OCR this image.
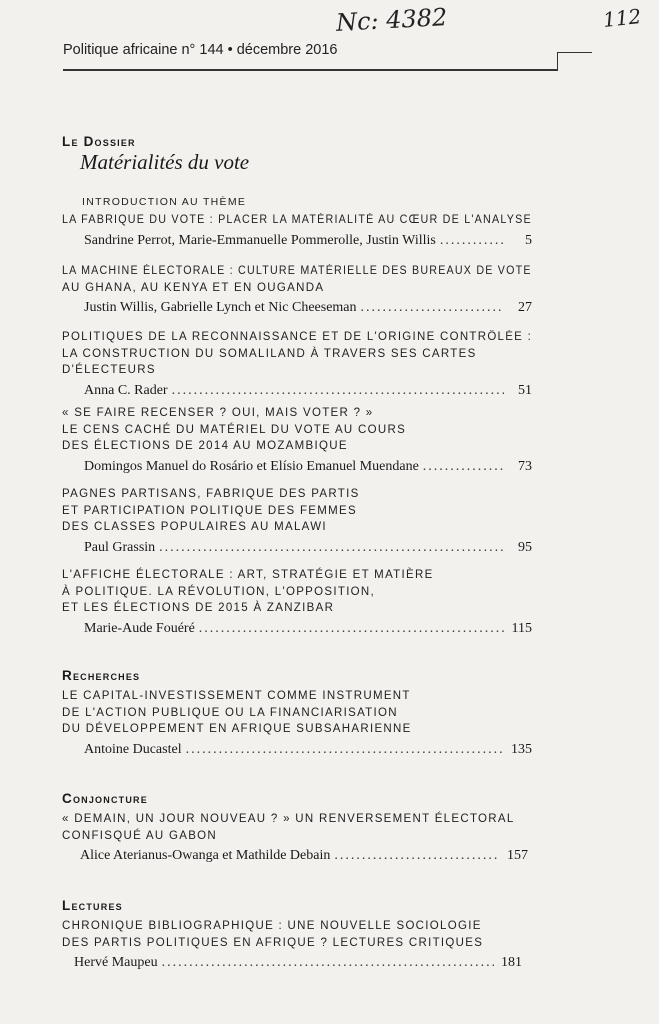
Nc: 4382	112
Politique africaine n° 144 • décembre 2016
Le Dossier
Matérialités du vote
INTRODUCTION AU THÈME
LA FABRIQUE DU VOTE : PLACER LA MATÉRIALITÉ AU CŒUR DE L'ANALYSE
Sandrine Perrot, Marie-Emmanuelle Pommerolle, Justin Willis .....	5
LA MACHINE ÉLECTORALE : CULTURE MATÉRIELLE DES BUREAUX DE VOTE
AU GHANA, AU KENYA ET EN OUGANDA
Justin Willis, Gabrielle Lynch et Nic Cheeseman .....	27
POLITIQUES DE LA RECONNAISSANCE ET DE L'ORIGINE CONTRÔLÉE :
LA CONSTRUCTION DU SOMALILAND À TRAVERS SES CARTES
D'ÉLECTEURS
Anna C. Rader .....	51
« SE FAIRE RECENSER ? OUI, MAIS VOTER ? »
LE CENS CACHÉ DU MATÉRIEL DU VOTE AU COURS
DES ÉLECTIONS DE 2014 AU MOZAMBIQUE
Domingos Manuel do Rosário et Elísio Emanuel Muendane .....	73
PAGNES PARTISANS, FABRIQUE DES PARTIS
ET PARTICIPATION POLITIQUE DES FEMMES
DES CLASSES POPULAIRES AU MALAWI
Paul Grassin .....	95
L'AFFICHE ÉLECTORALE : ART, STRATÉGIE ET MATIÈRE
À POLITIQUE. LA RÉVOLUTION, L'OPPOSITION,
ET LES ÉLECTIONS DE 2015 À ZANZIBAR
Marie-Aude Fouéré .....	115
Recherches
LE CAPITAL-INVESTISSEMENT COMME INSTRUMENT
DE L'ACTION PUBLIQUE OU LA FINANCIARISATION
DU DÉVELOPPEMENT EN AFRIQUE SUBSAHARIENNE
Antoine Ducastel .....	135
Conjoncture
« DEMAIN, UN JOUR NOUVEAU ? » UN RENVERSEMENT ÉLECTORAL
CONFISQUÉ AU GABON
Alice Aterianus-Owanga et Mathilde Debain .....	157
Lectures
CHRONIQUE BIBLIOGRAPHIQUE : UNE NOUVELLE SOCIOLOGIE
DES PARTIS POLITIQUES EN AFRIQUE ? LECTURES CRITIQUES
Hervé Maupeu .....	181
